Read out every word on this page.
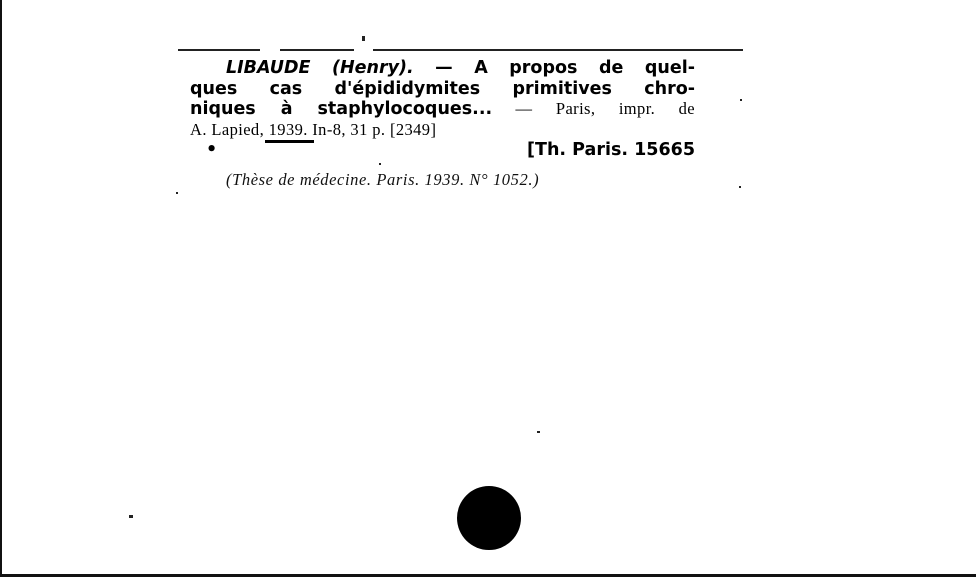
LIBAUDE (Henry). — A propos de quel-
ques cas d'épididymites primitives chro-
niques à staphylocoques... — Paris, impr. de
A. Lapied, 1939. In-8, 31 p. [2349]
•	[Th. Paris. 15665
(Thèse de médecine. Paris. 1939. N° 1052.)
